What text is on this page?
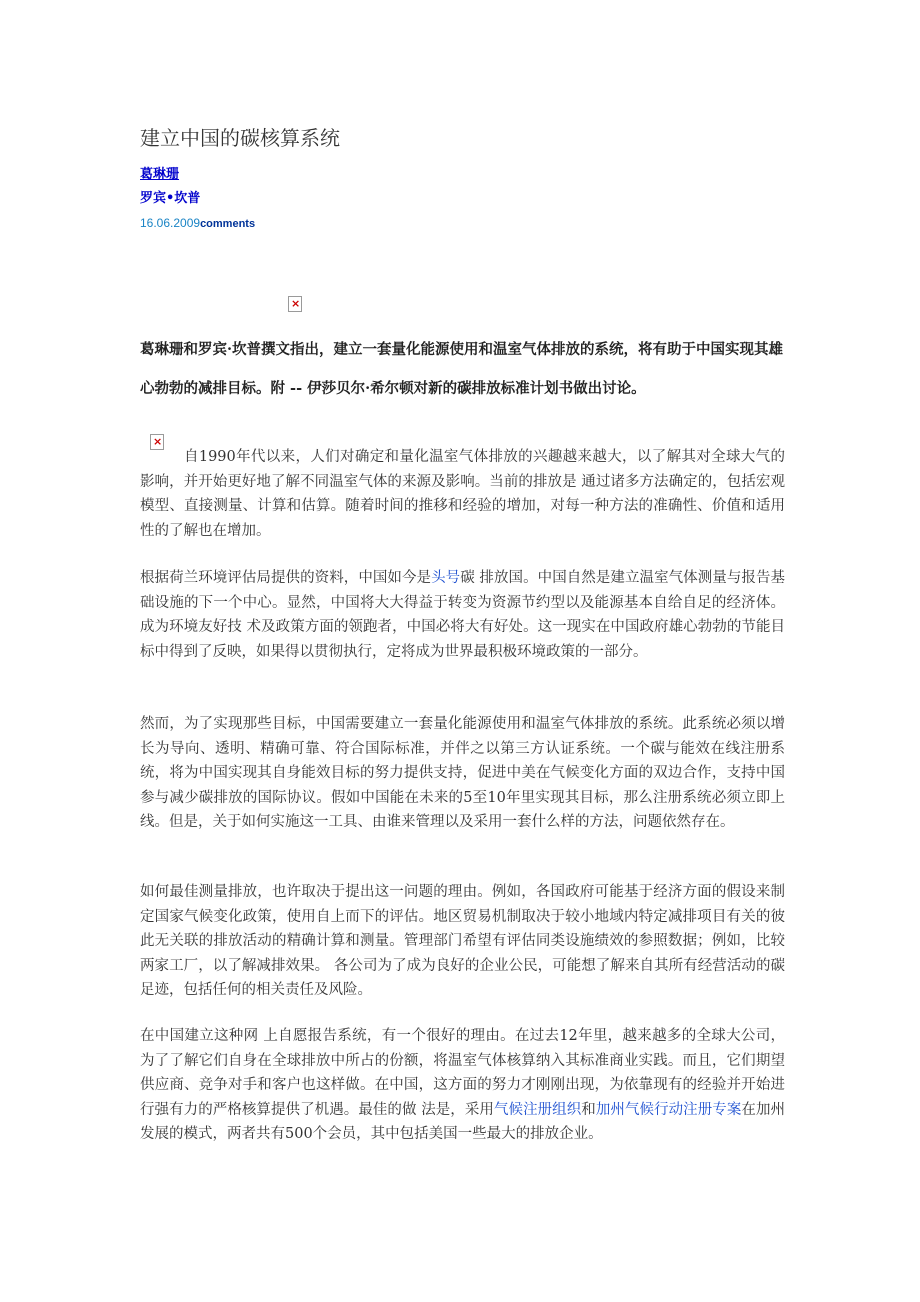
建立中国的碳核算系统
葛琳珊
罗宾•坎普
16.06.2009comments
×
葛琳珊和罗宾·坎普撰文指出，建立一套量化能源使用和温室气体排放的系统，将有助于中国实现其雄心勃勃的减排目标。附 -- 伊莎贝尔·希尔顿对新的碳排放标准计划书做出讨论。
×

自1990年代以来，人们对确定和量化温室气体排放的兴趣越来越大，以了解其对全球大气的影响，并开始更好地了解不同温室气体的来源及影响。当前的排放是 通过诸多方法确定的，包括宏观模型、直接测量、计算和估算。随着时间的推移和经验的增加，对每一种方法的准确性、价值和适用性的了解也在增加。

根据荷兰环境评估局提供的资料，中国如今是头号碳 排放国。中国自然是建立温室气体测量与报告基础设施的下一个中心。显然，中国将大大得益于转变为资源节约型以及能源基本自给自足的经济体。成为环境友好技 术及政策方面的领跑者，中国必将大有好处。这一现实在中国政府雄心勃勃的节能目标中得到了反映，如果得以贯彻执行，定将成为世界最积极环境政策的一部分。

然而，为了实现那些目标，中国需要建立一套量化能源使用和温室气体排放的系统。此系统必须以增长为导向、透明、精确可靠、符合国际标准，并伴之以第三方认证系统。一个碳与能效在线注册系统，将为中国实现其自身能效目标的努力提供支持，促进中美在气候变化方面的双边合作，支持中国参与减少碳排放的国际协议。假如中国能在未来的5至10年里实现其目标，那么注册系统必须立即上线。但是，关于如何实施这一工具、由谁来管理以及采用一套什么样的方法，问题依然存在。

如何最佳测量排放，也许取决于提出这一问题的理由。例如，各国政府可能基于经济方面的假设来制定国家气候变化政策，使用自上而下的评估。地区贸易机制取决于较小地域内特定减排项目有关的彼此无关联的排放活动的精确计算和测量。管理部门希望有评估同类设施绩效的参照数据；例如，比较两家工厂，以了解减排效果。 各公司为了成为良好的企业公民，可能想了解来自其所有经营活动的碳足迹，包括任何的相关责任及风险。

在中国建立这种网 上自愿报告系统，有一个很好的理由。在过去12年里，越来越多的全球大公司，为了了解它们自身在全球排放中所占的份额，将温室气体核算纳入其标准商业实践。而且，它们期望供应商、竞争对手和客户也这样做。在中国，这方面的努力才刚刚出现，为依靠现有的经验并开始进行强有力的严格核算提供了机遇。最佳的做 法是，采用气候注册组织和加州气候行动注册专案在加州发展的模式，两者共有500个会员，其中包括美国一些最大的排放企业。
